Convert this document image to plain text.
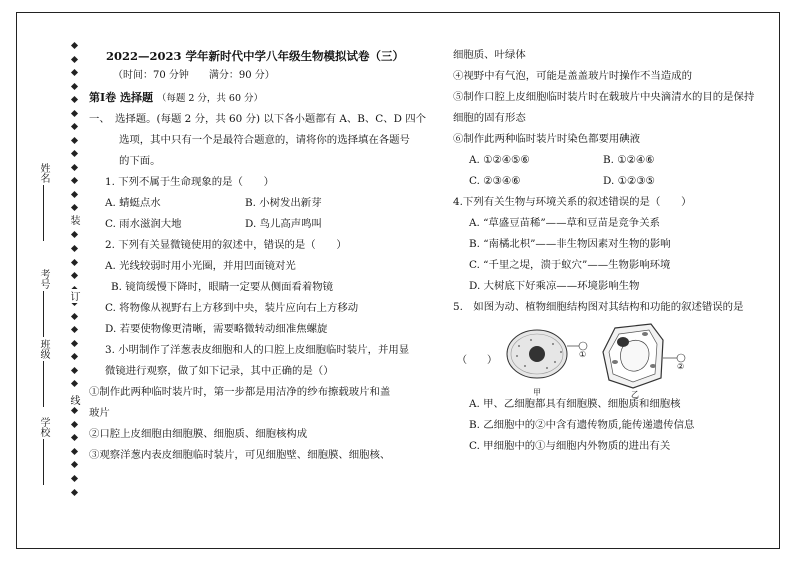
装
订
线
姓名
考号
班级
学校
2022—2023 学年新时代中学八年级生物模拟试卷（三）
（时间：70 分钟　　满分：90 分）
第Ⅰ卷 选择题 （每题 2 分，共 60 分）
一、　选择题。(每题 2 分，共 60 分) 以下各小题都有 A、B、C、D 四个
选项，其中只有一个是最符合题意的，请将你的选择填在各题号
的下面。
1. 下列不属于生命现象的是（　　）
A. 蜻蜓点水	B. 小树发出新芽
C. 雨水滋润大地	D. 鸟儿高声鸣叫
2. 下列有关显微镜使用的叙述中，错误的是（　　）
A. 光线较弱时用小光圈，并用凹面镜对光
B. 镜筒缓慢下降时，眼睛一定要从侧面看着物镜
C. 将物像从视野右上方移到中央，装片应向右上方移动
D. 若要使物像更清晰，需要略微转动细准焦螺旋
3. 小明制作了洋葱表皮细胞和人的口腔上皮细胞临时装片，并用显
微镜进行观察，做了如下记录，其中正确的是（）
①制作此两种临时装片时，第一步都是用洁净的纱布擦载玻片和盖
玻片
②口腔上皮细胞由细胞膜、细胞质、细胞核构成
③观察洋葱内表皮细胞临时装片，可见细胞壁、细胞膜、细胞核、
细胞质、叶绿体
④视野中有气泡，可能是盖盖玻片时操作不当造成的
⑤制作口腔上皮细胞临时装片时在载玻片中央滴清水的目的是保持
细胞的固有形态
⑥制作此两种临时装片时染色都要用碘液
A. ①②④⑤⑥	B. ①②④⑥
C. ②③④⑥	D. ①②③⑤
4.下列有关生物与环境关系的叙述错误的是（　　）
A. “草盛豆苗稀”——草和豆苗是竞争关系
B. “南橘北枳”——非生物因素对生物的影响
C. “千里之堤，溃于蚁穴”——生物影响环境
D. 大树底下好乘凉——环境影响生物
5.　如图为动、植物细胞结构图对其结构和功能的叙述错误的是
（　　）
①
②
甲	乙
A. 甲、乙细胞都具有细胞膜、细胞质和细胞核
B. 乙细胞中的②中含有遗传物质,能传递遗传信息
C. 甲细胞中的①与细胞内外物质的进出有关
